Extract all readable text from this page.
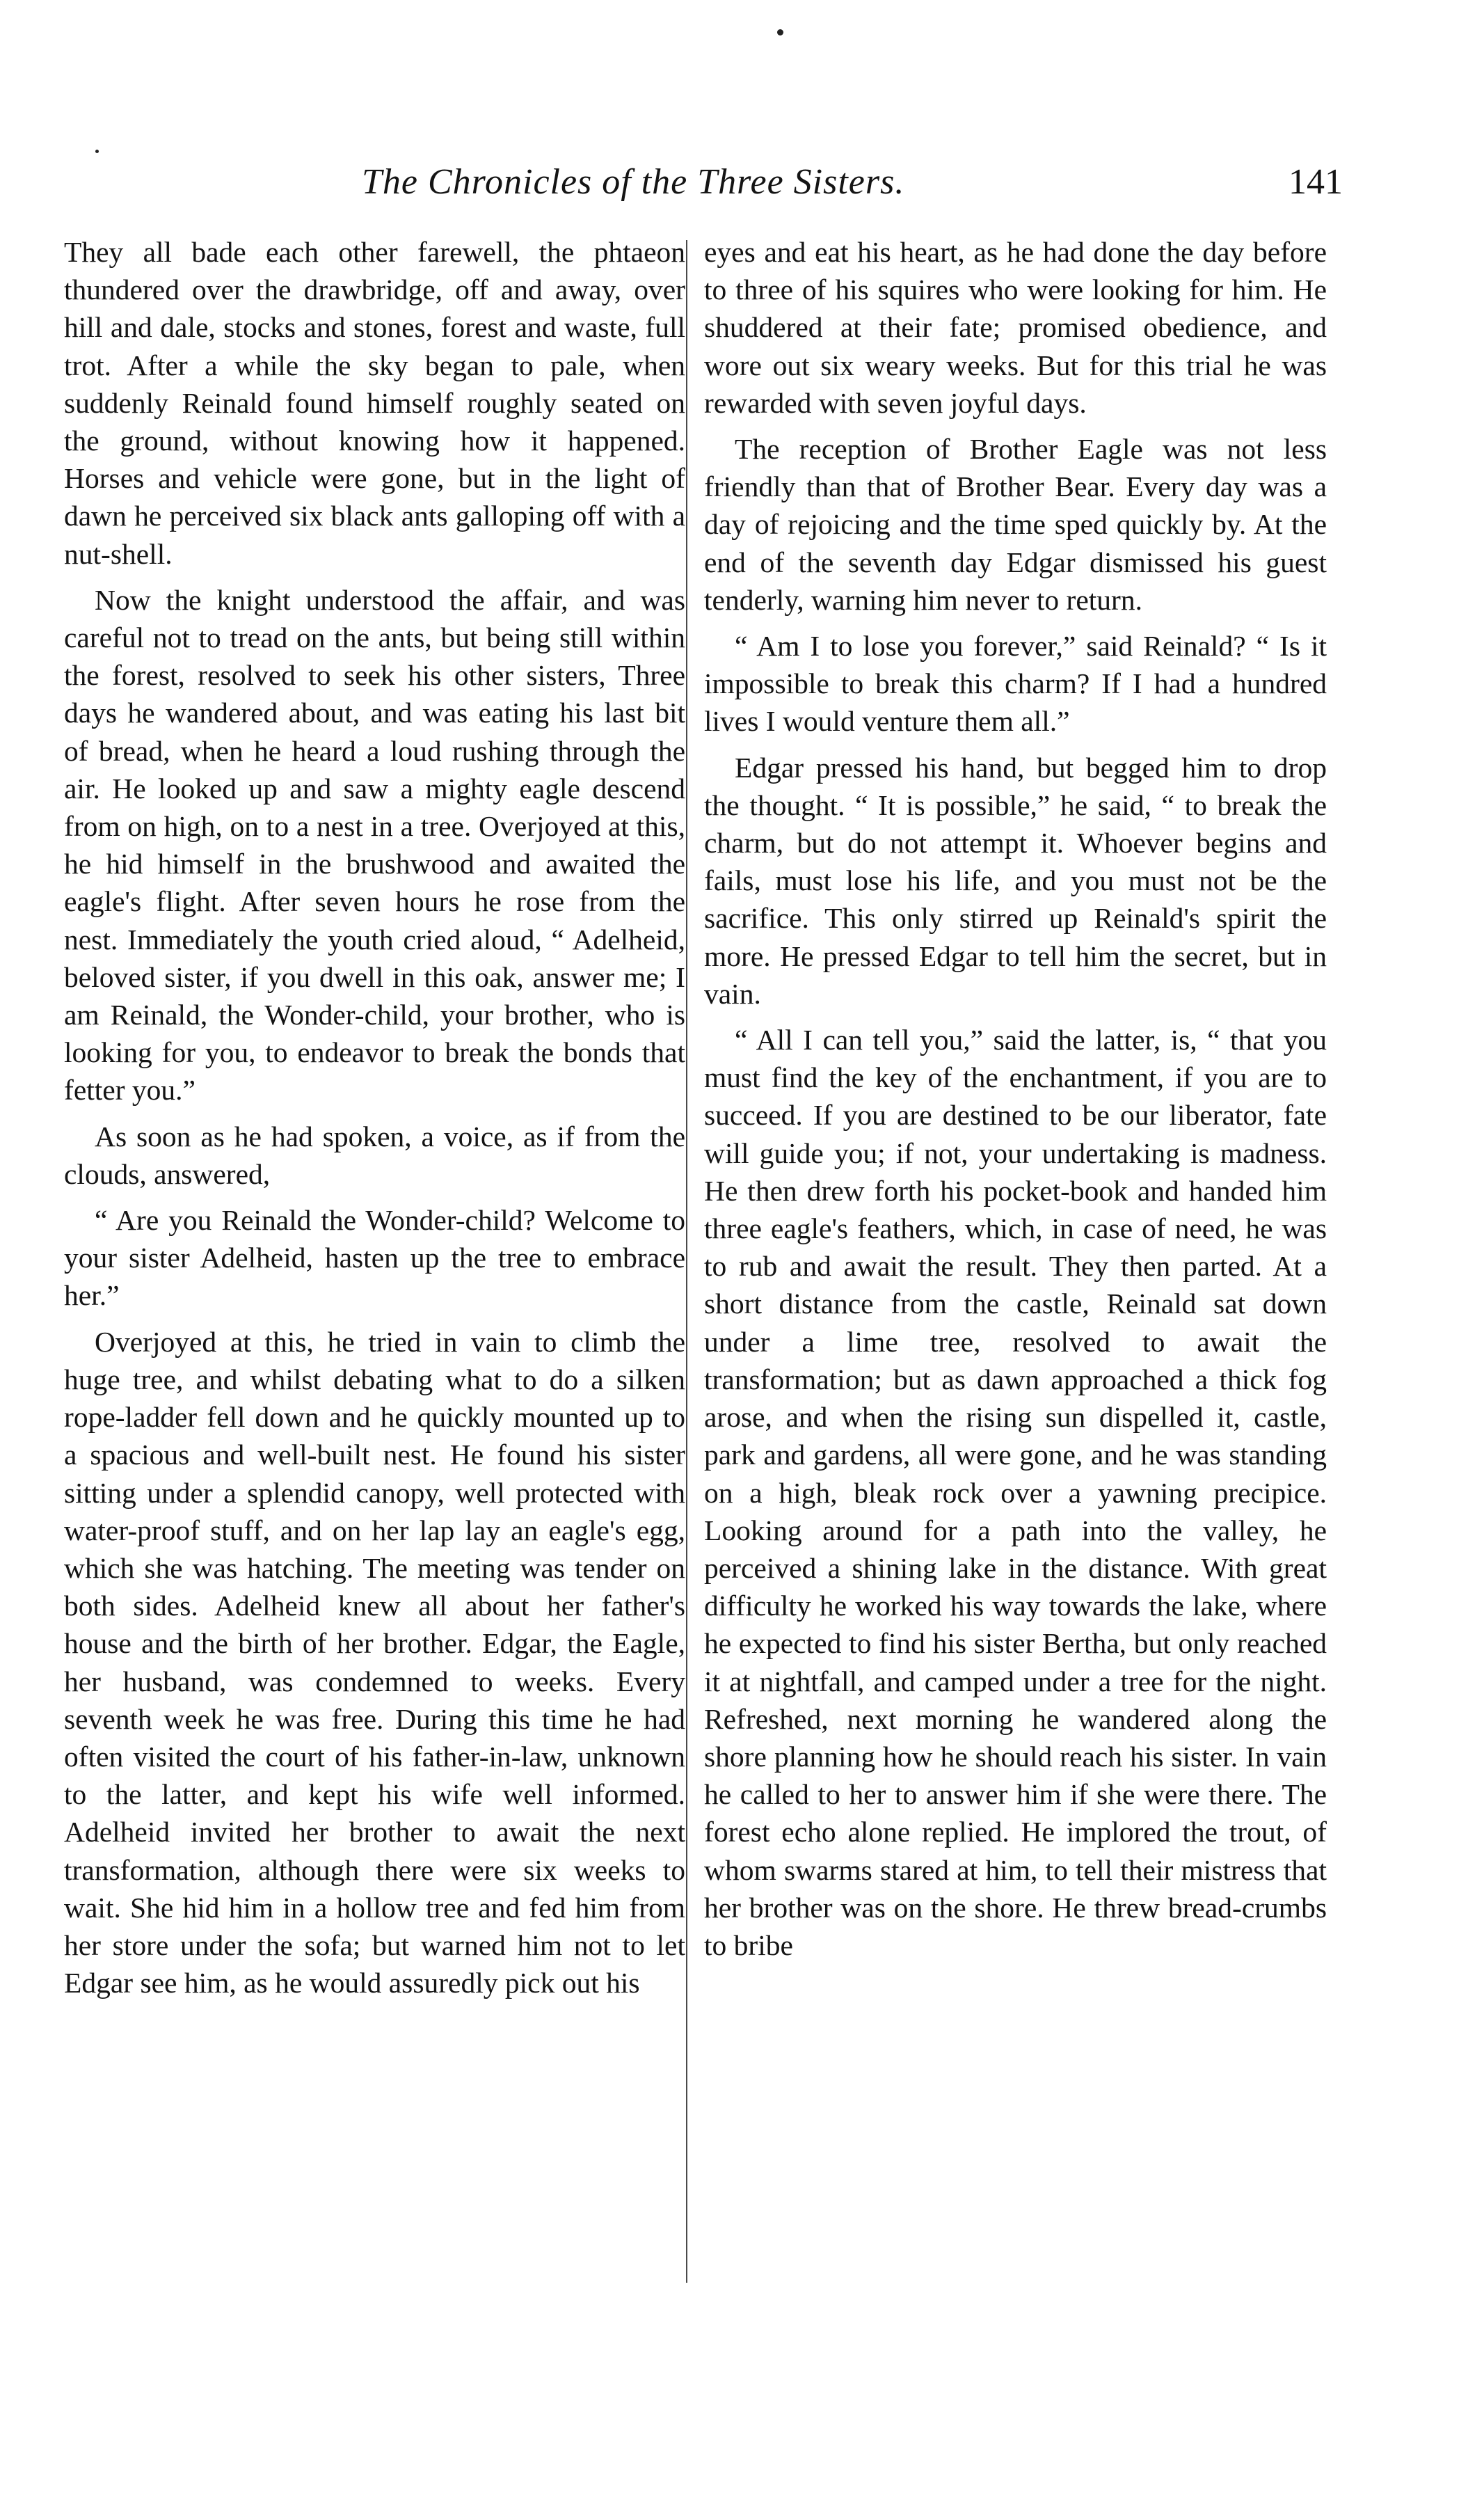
The Chronicles of the Three Sisters.	141

They all bade each other farewell, the phtaeon thundered over the drawbridge, off and away, over hill and dale, stocks and stones, forest and waste, full trot. After a while the sky began to pale, when suddenly Reinald found himself roughly seated on the ground, without knowing how it happened. Horses and vehicle were gone, but in the light of dawn he perceived six black ants galloping off with a nut-shell.

Now the knight understood the affair, and was careful not to tread on the ants, but being still within the forest, resolved to seek his other sisters, Three days he wandered about, and was eating his last bit of bread, when he heard a loud rushing through the air. He looked up and saw a mighty eagle descend from on high, on to a nest in a tree. Overjoyed at this, he hid himself in the brushwood and awaited the eagle's flight. After seven hours he rose from the nest. Immediately the youth cried aloud, “ Adelheid, beloved sister, if you dwell in this oak, answer me; I am Reinald, the Wonder-child, your brother, who is looking for you, to endeavor to break the bonds that fetter you.”

As soon as he had spoken, a voice, as if from the clouds, answered,

“ Are you Reinald the Wonder-child? Welcome to your sister Adelheid, hasten up the tree to embrace her.”

Overjoyed at this, he tried in vain to climb the huge tree, and whilst debating what to do a silken rope-ladder fell down and he quickly mounted up to a spacious and well-built nest. He found his sister sitting under a splendid canopy, well protected with water-proof stuff, and on her lap lay an eagle's egg, which she was hatching. The meeting was tender on both sides. Adelheid knew all about her father's house and the birth of her brother. Edgar, the Eagle, her husband, was condemned to weeks. Every seventh week he was free. During this time he had often visited the court of his father-in-law, unknown to the latter, and kept his wife well informed. Adelheid invited her brother to await the next transformation, although there were six weeks to wait. She hid him in a hollow tree and fed him from her store under the sofa; but warned him not to let Edgar see him, as he would assuredly pick out his

eyes and eat his heart, as he had done the day before to three of his squires who were looking for him. He shuddered at their fate; promised obedience, and wore out six weary weeks. But for this trial he was rewarded with seven joyful days.

The reception of Brother Eagle was not less friendly than that of Brother Bear. Every day was a day of rejoicing and the time sped quickly by. At the end of the seventh day Edgar dismissed his guest tenderly, warning him never to return.

“ Am I to lose you forever,” said Reinald? “ Is it impossible to break this charm? If I had a hundred lives I would venture them all.”

Edgar pressed his hand, but begged him to drop the thought. “ It is possible,” he said, “ to break the charm, but do not attempt it. Whoever begins and fails, must lose his life, and you must not be the sacrifice. This only stirred up Reinald's spirit the more. He pressed Edgar to tell him the secret, but in vain.

“ All I can tell you,” said the latter, is, “ that you must find the key of the enchantment, if you are to succeed. If you are destined to be our liberator, fate will guide you; if not, your undertaking is madness. He then drew forth his pocket-book and handed him three eagle's feathers, which, in case of need, he was to rub and await the result. They then parted. At a short distance from the castle, Reinald sat down under a lime tree, resolved to await the transformation; but as dawn approached a thick fog arose, and when the rising sun dispelled it, castle, park and gardens, all were gone, and he was standing on a high, bleak rock over a yawning precipice. Looking around for a path into the valley, he perceived a shining lake in the distance. With great difficulty he worked his way towards the lake, where he expected to find his sister Bertha, but only reached it at nightfall, and camped under a tree for the night. Refreshed, next morning he wandered along the shore planning how he should reach his sister. In vain he called to her to answer him if she were there. The forest echo alone replied. He implored the trout, of whom swarms stared at him, to tell their mistress that her brother was on the shore. He threw bread-crumbs to bribe
